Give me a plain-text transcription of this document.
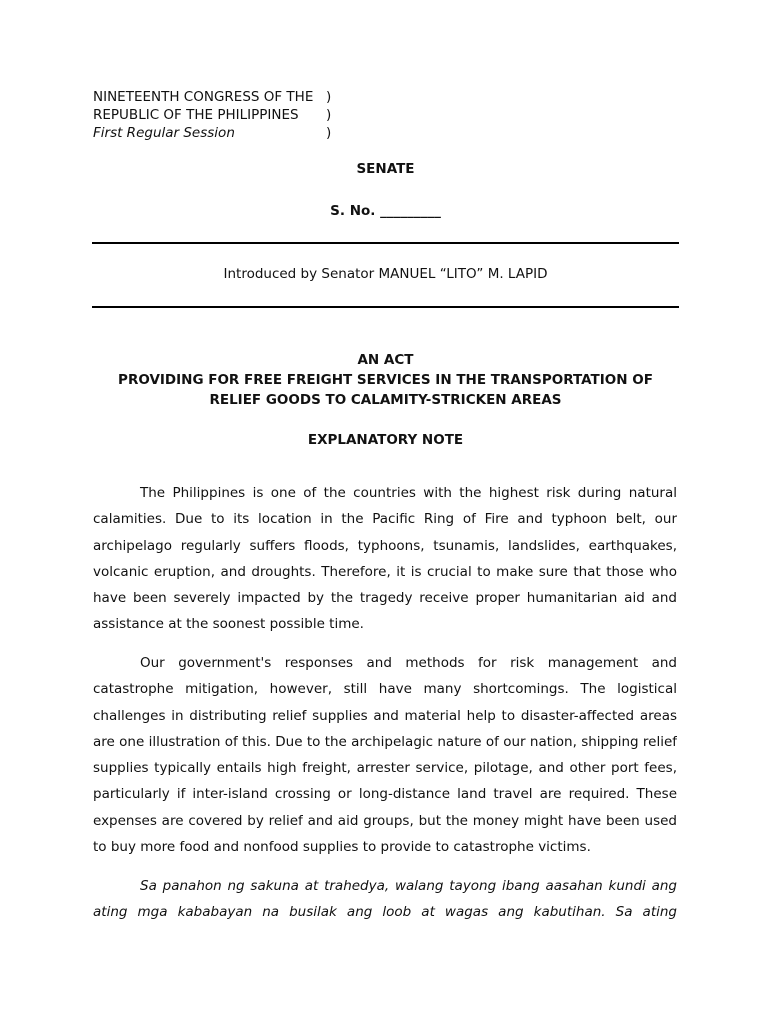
NINETEENTH CONGRESS OF THE )
REPUBLIC OF THE PHILIPPINES )
First Regular Session	)
SENATE
S. No. _________
Introduced by Senator MANUEL “LITO” M. LAPID
AN ACT
PROVIDING FOR FREE FREIGHT SERVICES IN THE TRANSPORTATION OF
RELIEF GOODS TO CALAMITY-STRICKEN AREAS
EXPLANATORY NOTE
The Philippines is one of the countries with the highest risk during natural
calamities. Due to its location in the Pacific Ring of Fire and typhoon belt, our
archipelago regularly suffers floods, typhoons, tsunamis, landslides, earthquakes,
volcanic eruption, and droughts. Therefore, it is crucial to make sure that those who
have been severely impacted by the tragedy receive proper humanitarian aid and
assistance at the soonest possible time.
Our government's responses and methods for risk management and
catastrophe mitigation, however, still have many shortcomings. The logistical
challenges in distributing relief supplies and material help to disaster-affected areas
are one illustration of this. Due to the archipelagic nature of our nation, shipping relief
supplies typically entails high freight, arrester service, pilotage, and other port fees,
particularly if inter-island crossing or long-distance land travel are required. These
expenses are covered by relief and aid groups, but the money might have been used
to buy more food and nonfood supplies to provide to catastrophe victims.
Sa panahon ng sakuna at trahedya, walang tayong ibang aasahan kundi ang
ating mga kababayan na busilak ang loob at wagas ang kabutihan. Sa ating
